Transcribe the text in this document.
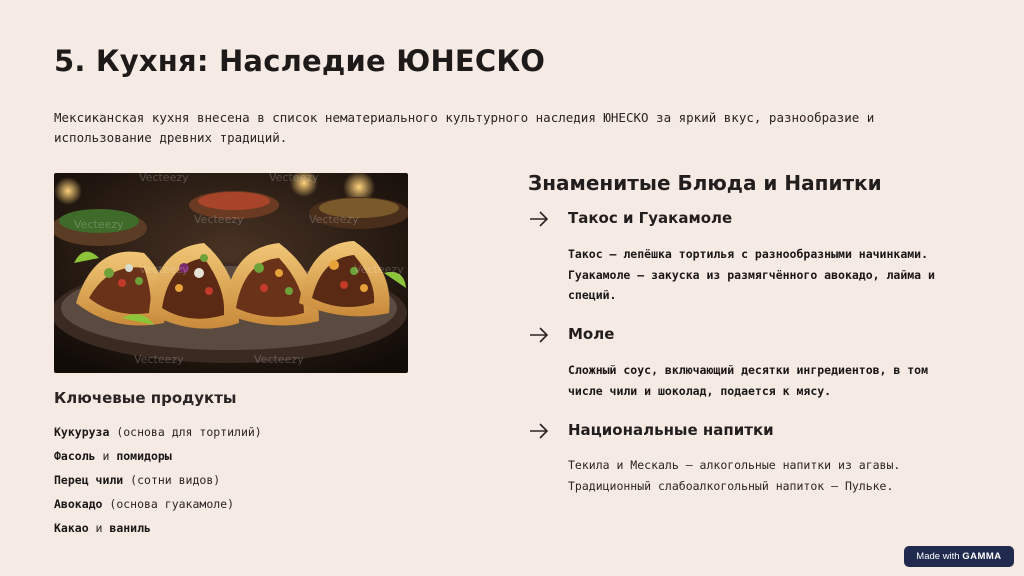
5. Кухня: Наследие ЮНЕСКО
Мексиканская кухня внесена в список нематериального культурного наследия ЮНЕСКО за яркий вкус, разнообразие и использование древних традиций.
Vecteezy	Vecteezy
Vecteezy	Vecteezy	Vecteezy
Vecteezy	Vecteezy
Vecteezy	Vecteezy
Ключевые продукты
Кукуруза (основа для тортилий)
Фасоль и помидоры
Перец чили (сотни видов)
Авокадо (основа гуакамоле)
Какао и ваниль
Знаменитые Блюда и Напитки
Такос и Гуакамоле
Такос — лепёшка тортилья с разнообразными начинками. Гуакамоле — закуска из размягчённого авокадо, лайма и специй.
Моле
Сложный соус, включающий десятки ингредиентов, в том числе чили и шоколад, подается к мясу.
Национальные напитки
Текила и Мескаль — алкогольные напитки из агавы. Традиционный слабоалкогольный напиток — Пульке.
Made with GAMMA
